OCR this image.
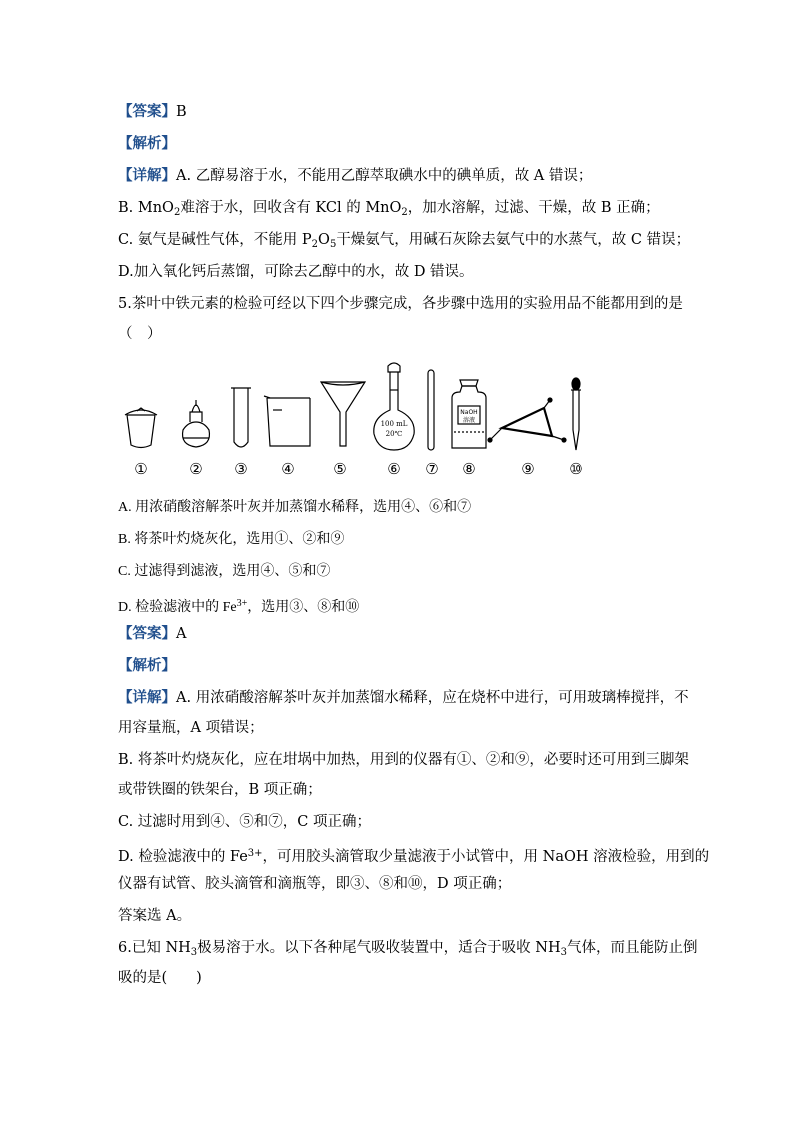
【答案】B
【解析】
【详解】A. 乙醇易溶于水，不能用乙醇萃取碘水中的碘单质，故 A 错误；
B. MnO$_2$难溶于水，回收含有 KCl 的 MnO$_2$，加水溶解，过滤、干燥，故 B 正确；
C. 氨气是碱性气体，不能用 $P_2O_5$干燥氨气，用碱石灰除去氨气中的水蒸气，故 C 错误；
D.加入氧化钙后蒸馏，可除去乙醇中的水，故 D 错误。
5.茶叶中铁元素的检验可经以下四个步骤完成，各步骤中选用的实验用品不能都用到的是
（　）
100 mL
20℃
NaOH
溶液
①	② ③ ④	⑤	⑥ ⑦ ⑧	⑨ ⑩
A. 用浓硝酸溶解茶叶灰并加蒸馏水稀释，选用④、⑥和⑦
B. 将茶叶灼烧灰化，选用①、②和⑨
C. 过滤得到滤液，选用④、⑤和⑦
D. 检验滤液中的 $Fe^{3+}$，选用③、⑧和⑩
【答案】A
【解析】
【详解】A. 用浓硝酸溶解茶叶灰并加蒸馏水稀释，应在烧杯中进行，可用玻璃棒搅拌，不
用容量瓶，A 项错误；
B. 将茶叶灼烧灰化，应在坩埚中加热，用到的仪器有①、②和⑨，必要时还可用到三脚架
或带铁圈的铁架台，B 项正确；
C. 过滤时用到④、⑤和⑦，C 项正确；
D. 检验滤液中的 $Fe^{3+}$，可用胶头滴管取少量滤液于小试管中，用 NaOH 溶液检验，用到的
仪器有试管、胶头滴管和滴瓶等，即③、⑧和⑩，D 项正确；
答案选 A。
6.已知 $NH_3$极易溶于水。以下各种尾气吸收装置中，适合于吸收 $NH_3$气体，而且能防止倒
吸的是(　　)
